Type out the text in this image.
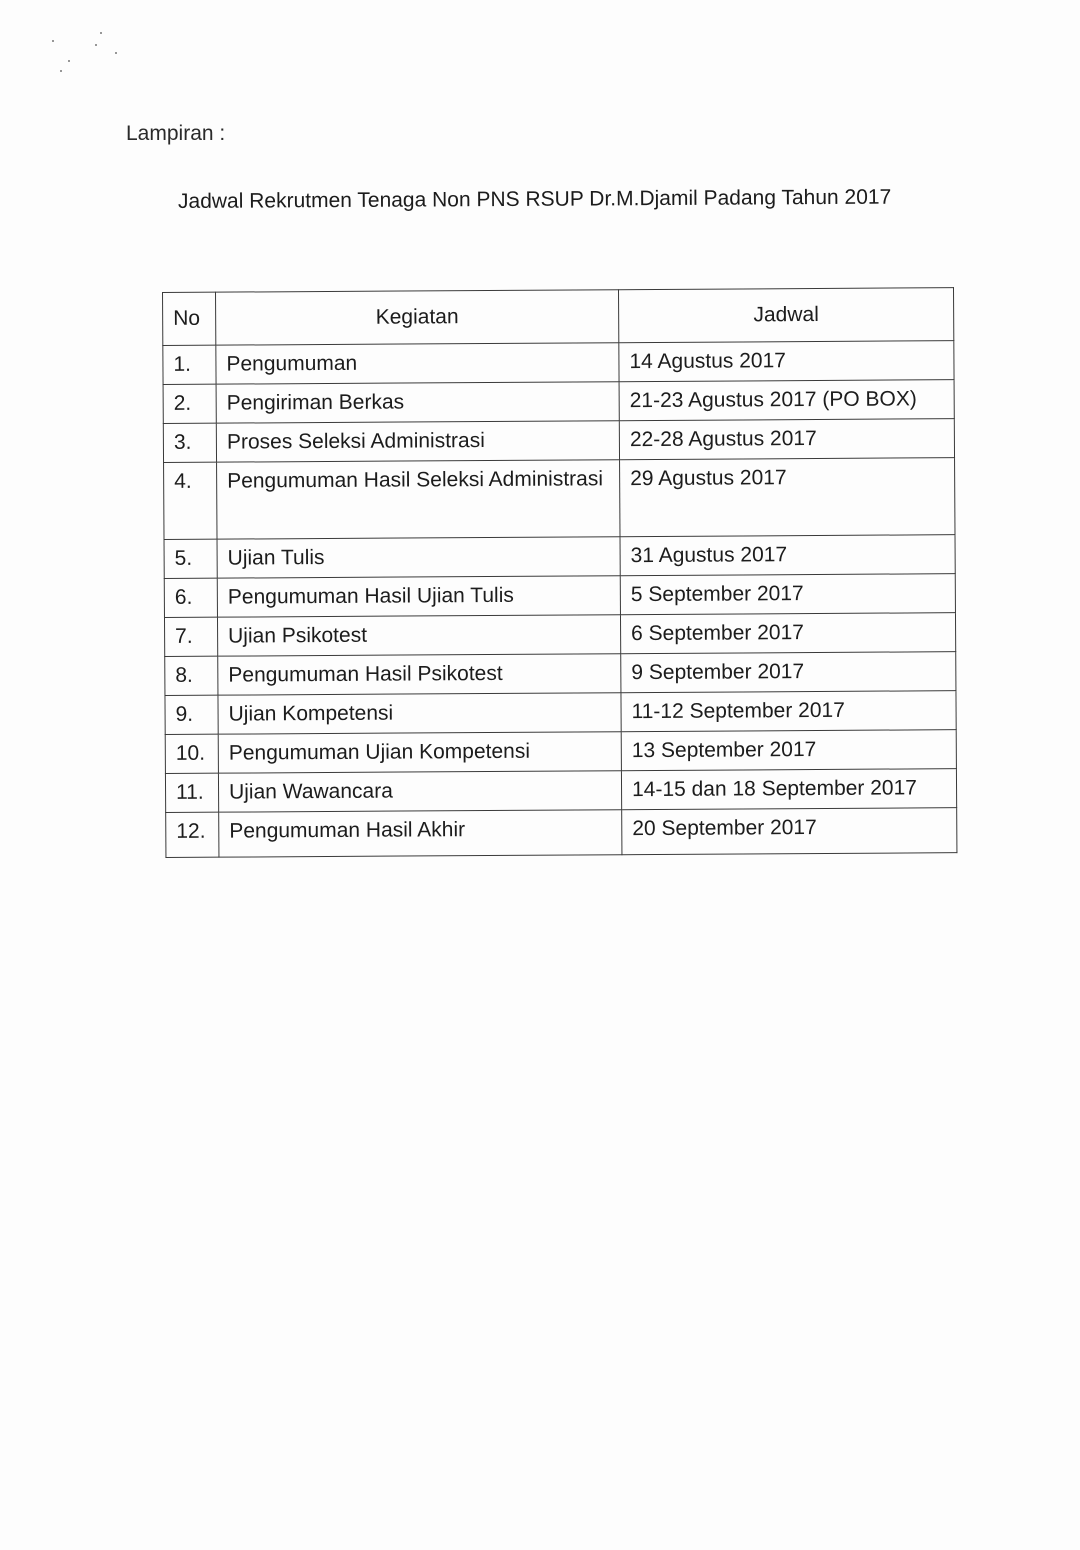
Lampiran :
Jadwal Rekrutmen Tenaga Non PNS RSUP Dr.M.Djamil Padang Tahun 2017
No	Kegiatan	Jadwal
1.	Pengumuman	14 Agustus 2017
2.	Pengiriman Berkas	21-23 Agustus 2017 (PO BOX)
3.	Proses Seleksi Administrasi	22-28 Agustus 2017
4.	Pengumuman Hasil Seleksi Administrasi	29 Agustus 2017
5.	Ujian Tulis	31 Agustus 2017
6.	Pengumuman Hasil Ujian Tulis	5 September 2017
7.	Ujian Psikotest	6 September 2017
8.	Pengumuman Hasil Psikotest	9 September 2017
9.	Ujian Kompetensi	11-12 September 2017
10.	Pengumuman Ujian Kompetensi	13 September 2017
11.	Ujian Wawancara	14-15 dan 18 September 2017
12.	Pengumuman Hasil Akhir	20 September 2017
